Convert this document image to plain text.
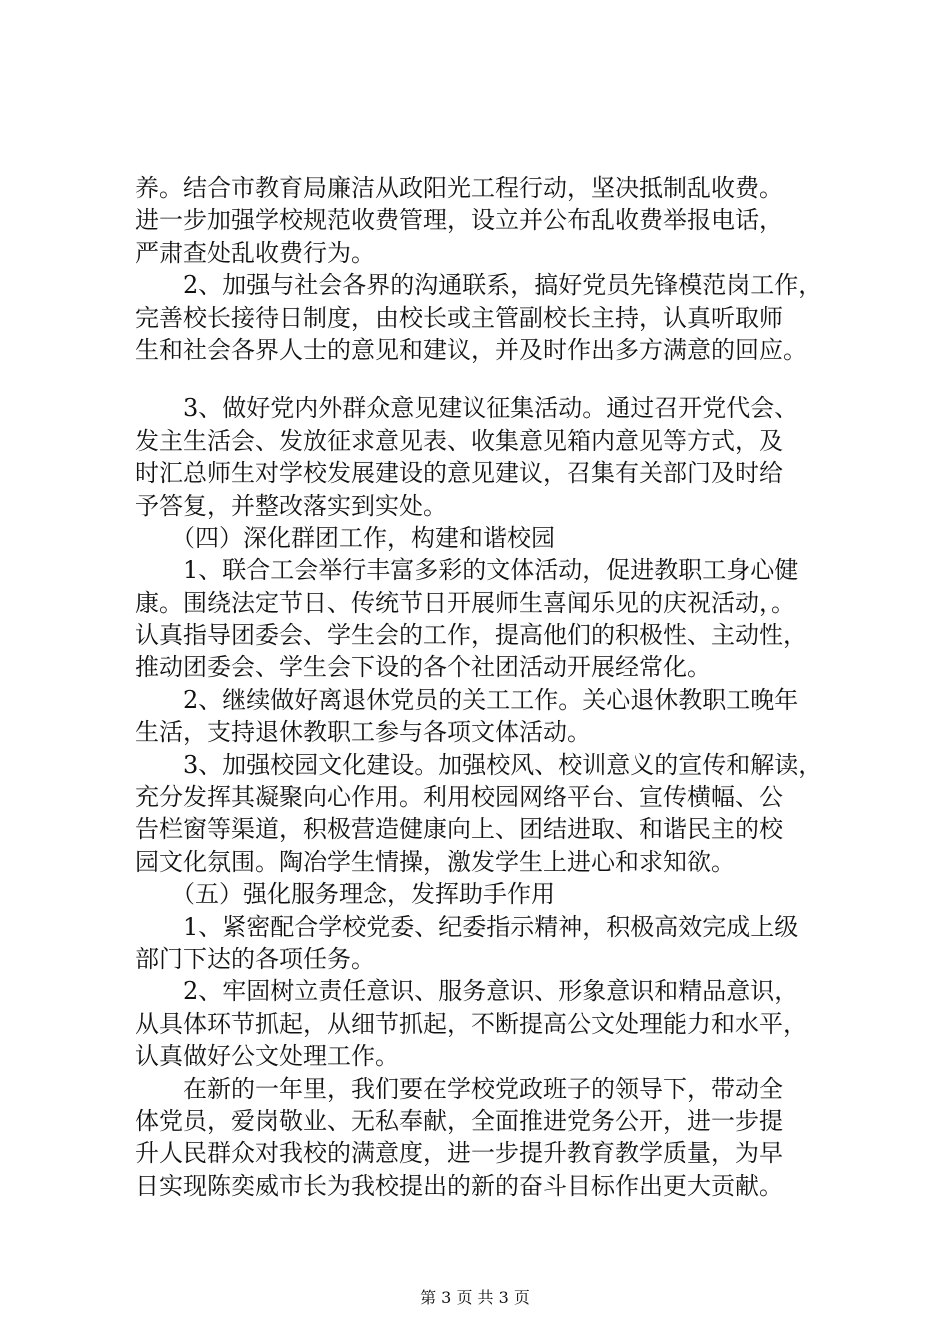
养。结合市教育局廉洁从政阳光工程行动，坚决抵制乱收费。
进一步加强学校规范收费管理，设立并公布乱收费举报电话，
严肃查处乱收费行为。
　　2、加强与社会各界的沟通联系，搞好党员先锋模范岗工作，
完善校长接待日制度，由校长或主管副校长主持，认真听取师
生和社会各界人士的意见和建议，并及时作出多方满意的回应。
　　3、做好党内外群众意见建议征集活动。通过召开党代会、
发主生活会、发放征求意见表、收集意见箱内意见等方式，及
时汇总师生对学校发展建设的意见建议，召集有关部门及时给
予答复，并整改落实到实处。
　　（四）深化群团工作，构建和谐校园
　　1、联合工会举行丰富多彩的文体活动，促进教职工身心健
康。围绕法定节日、传统节日开展师生喜闻乐见的庆祝活动，。
认真指导团委会、学生会的工作，提高他们的积极性、主动性，
推动团委会、学生会下设的各个社团活动开展经常化。
　　2、继续做好离退休党员的关工工作。关心退休教职工晚年
生活，支持退休教职工参与各项文体活动。
　　3、加强校园文化建设。加强校风、校训意义的宣传和解读，
充分发挥其凝聚向心作用。利用校园网络平台、宣传横幅、公
告栏窗等渠道，积极营造健康向上、团结进取、和谐民主的校
园文化氛围。陶冶学生情操，激发学生上进心和求知欲。
　　（五）强化服务理念，发挥助手作用
　　1、紧密配合学校党委、纪委指示精神，积极高效完成上级
部门下达的各项任务。
　　2、牢固树立责任意识、服务意识、形象意识和精品意识，
从具体环节抓起，从细节抓起，不断提高公文处理能力和水平，
认真做好公文处理工作。
　　在新的一年里，我们要在学校党政班子的领导下，带动全
体党员，爱岗敬业、无私奉献，全面推进党务公开，进一步提
升人民群众对我校的满意度，进一步提升教育教学质量，为早
日实现陈奕威市长为我校提出的新的奋斗目标作出更大贡献。
第 3 页 共 3 页
